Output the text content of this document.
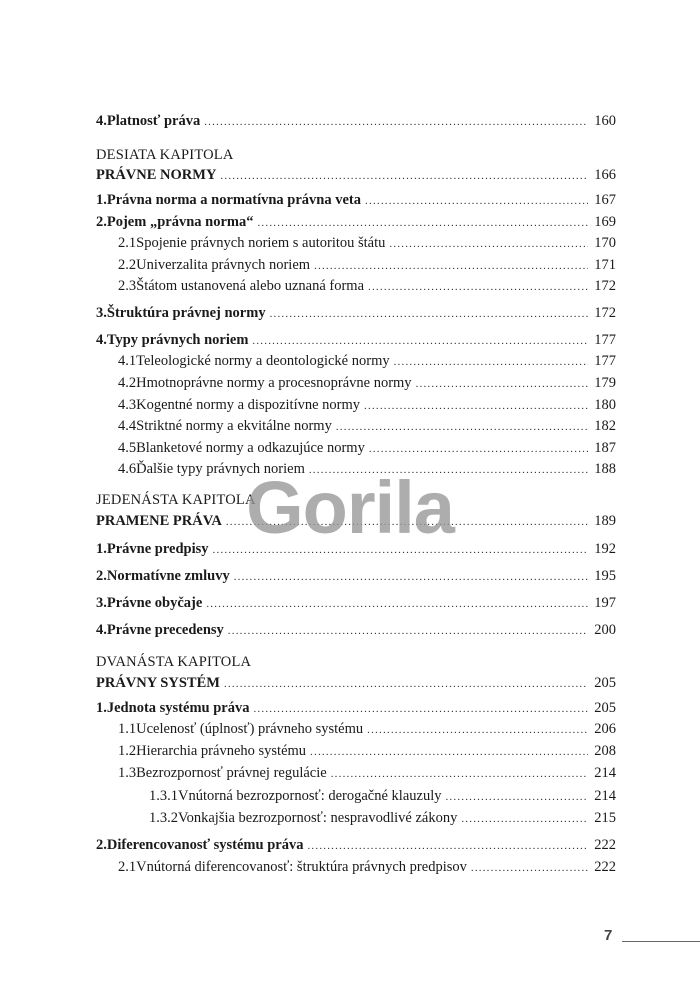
4. Platnosť práva .....	160
DESIATA KAPITOLA
PRÁVNE NORMY .....	166
1. Právna norma a normatívna právna veta .....	167
2. Pojem „právna norma“ .....	169
2.1 Spojenie právnych noriem s autoritou štátu .....	170
2.2 Univerzalita právnych noriem .....	171
2.3 Štátom ustanovená alebo uznaná forma .....	172
3. Štruktúra právnej normy .....	172
4. Typy právnych noriem .....	177
4.1 Teleologické normy a deontologické normy .....	177
4.2 Hmotnoprávne normy a procesnoprávne normy .....	179
4.3 Kogentné normy a dispozitívne normy .....	180
4.4 Striktné normy a ekvitálne normy .....	182
4.5 Blanketové normy a odkazujúce normy .....	187
4.6 Ďalšie typy právnych noriem .....	188
JEDENÁSTA KAPITOLA
PRAMENE PRÁVA .....	189
1. Právne predpisy .....	192
2. Normatívne zmluvy .....	195
3. Právne obyčaje .....	197
4. Právne precedensy .....	200
DVANÁSTA KAPITOLA
PRÁVNY SYSTÉM .....	205
1. Jednota systému práva .....	205
1.1 Ucelenosť (úplnosť) právneho systému .....	206
1.2 Hierarchia právneho systému .....	208
1.3 Bezrozpornosť právnej regulácie .....	214
1.3.1 Vnútorná bezrozpornosť: derogačné klauzuly .....	214
1.3.2 Vonkajšia bezrozpornosť: nespravodlivé zákony .....	215
2. Diferencovanosť systému práva .....	222
2.1 Vnútorná diferencovanosť: štruktúra právnych predpisov .....	222
Gorila
7
